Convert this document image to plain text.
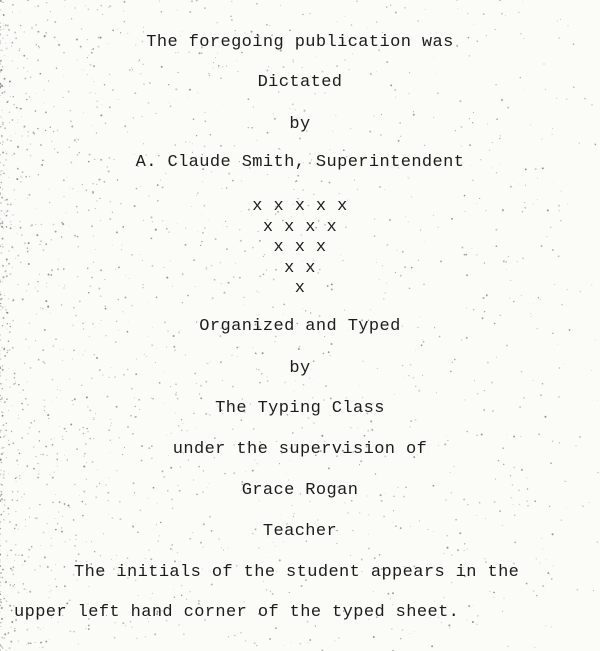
The foregoing publication was
Dictated
by
A. Claude Smith, Superintendent
x x x x x
x x x x
x x x
x x
x
Organized and Typed
by
The Typing Class
under the supervision of
Grace Rogan
Teacher
The initials of the student appears in the
upper left hand corner of the typed sheet.
